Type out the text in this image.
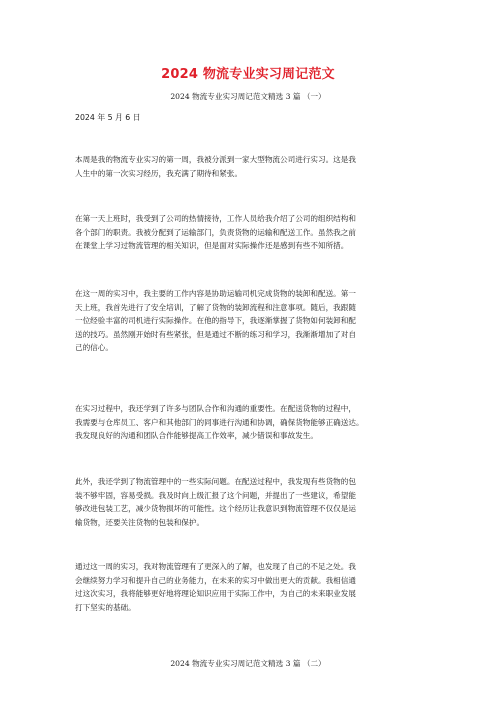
2024 物流专业实习周记范文
2024 物流专业实习周记范文精选 3 篇 （一）
2024 年 5 月 6 日

本周是我的物流专业实习的第一周，我被分派到一家大型物流公司进行实习。这是我
人生中的第一次实习经历，我充满了期待和紧张。

在第一天上班时，我受到了公司的热情接待，工作人员给我介绍了公司的组织结构和
各个部门的职责。我被分配到了运输部门，负责货物的运输和配送工作。虽然我之前
在课堂上学习过物流管理的相关知识，但是面对实际操作还是感到有些不知所措。

在这一周的实习中，我主要的工作内容是协助运输司机完成货物的装卸和配送。第一
天上班，我首先进行了安全培训，了解了货物的装卸流程和注意事项。随后，我跟随
一位经验丰富的司机进行实际操作。在他的指导下，我逐渐掌握了货物如何装卸和配
送的技巧。虽然刚开始时有些紧张，但是通过不断的练习和学习，我渐渐增加了对自
己的信心。

在实习过程中，我还学到了许多与团队合作和沟通的重要性。在配送货物的过程中，
我需要与仓库员工、客户和其他部门的同事进行沟通和协调，确保货物能够正确送达。
我发现良好的沟通和团队合作能够提高工作效率，减少错误和事故发生。

此外，我还学到了物流管理中的一些实际问题。在配送过程中，我发现有些货物的包
装不够牢固，容易受损。我及时向上级汇报了这个问题，并提出了一些建议，希望能
够改进包装工艺，减少货物损坏的可能性。这个经历让我意识到物流管理不仅仅是运
输货物，还要关注货物的包装和保护。

通过这一周的实习，我对物流管理有了更深入的了解，也发现了自己的不足之处。我
会继续努力学习和提升自己的业务能力，在未来的实习中做出更大的贡献。我相信通
过这次实习，我将能够更好地将理论知识应用于实际工作中，为自己的未来职业发展
打下坚实的基础。

2024 物流专业实习周记范文精选 3 篇 （二）
